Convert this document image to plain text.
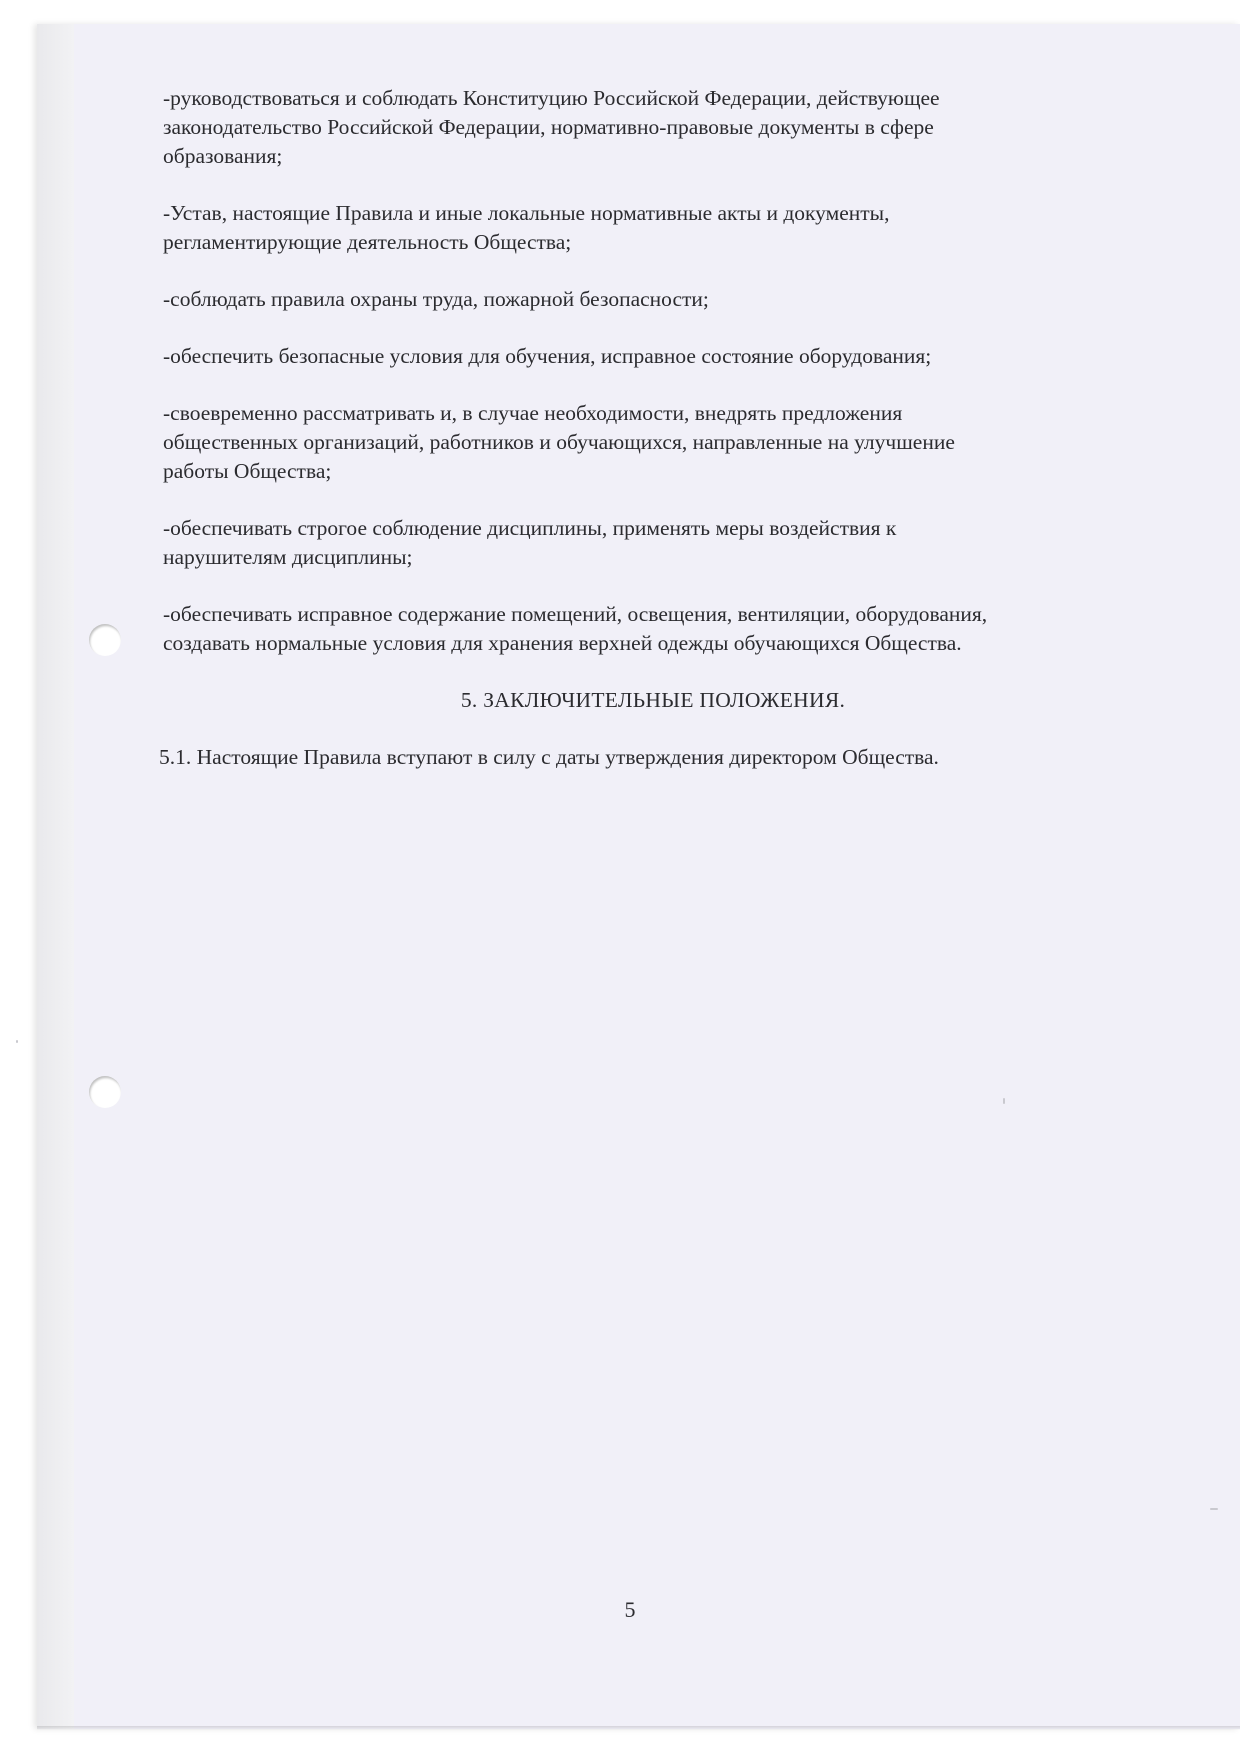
-руководствоваться и соблюдать Конституцию Российской Федерации, действующее
законодательство Российской Федерации, нормативно-правовые документы в сфере
образования;

-Устав, настоящие Правила и иные локальные нормативные акты и документы,
регламентирующие деятельность Общества;

-соблюдать правила охраны труда, пожарной безопасности;

-обеспечить безопасные условия для обучения, исправное состояние оборудования;

-своевременно рассматривать и, в случае необходимости, внедрять предложения
общественных организаций, работников и обучающихся, направленные на улучшение
работы Общества;

-обеспечивать строгое соблюдение дисциплины, применять меры воздействия к
нарушителям дисциплины;

-обеспечивать исправное содержание помещений, освещения, вентиляции, оборудования,
создавать нормальные условия для хранения верхней одежды обучающихся Общества.

5. ЗАКЛЮЧИТЕЛЬНЫЕ ПОЛОЖЕНИЯ.

5.1. Настоящие Правила вступают в силу с даты утверждения директором Общества.

5
